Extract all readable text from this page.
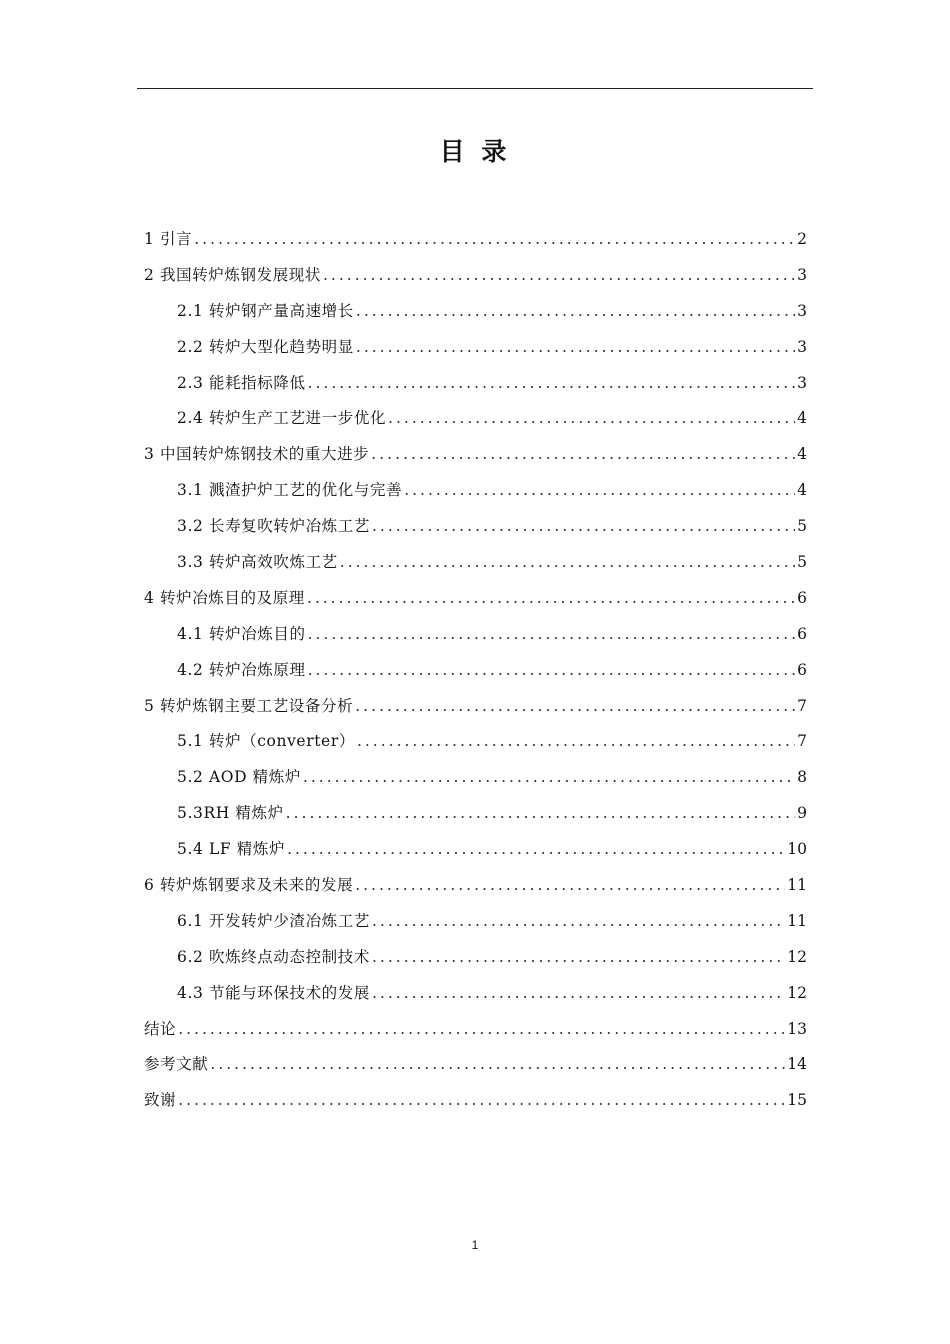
目 录
1 引言 .....	2
2 我国转炉炼钢发展现状 .....	3
2.1 转炉钢产量高速增长 .....	3
2.2 转炉大型化趋势明显 .....	3
2.3 能耗指标降低 .....	3
2.4 转炉生产工艺进一步优化 .....	4
3 中国转炉炼钢技术的重大进步 .....	4
3.1 溅渣护炉工艺的优化与完善 .....	4
3.2 长寿复吹转炉冶炼工艺 .....	5
3.3 转炉高效吹炼工艺 .....	5
4 转炉冶炼目的及原理 .....	6
4.1 转炉冶炼目的 .....	6
4.2 转炉冶炼原理 .....	6
5 转炉炼钢主要工艺设备分析 .....	7
5.1 转炉（converter） .....	7
5.2 AOD 精炼炉 .....	8
5.3RH 精炼炉 .....	9
5.4 LF 精炼炉 .....	10
6 转炉炼钢要求及未来的发展 .....	11
6.1 开发转炉少渣冶炼工艺 .....	11
6.2 吹炼终点动态控制技术 .....	12
4.3 节能与环保技术的发展 .....	12
结论 .....	13
参考文献 .....	14
致谢 .....	15
1
